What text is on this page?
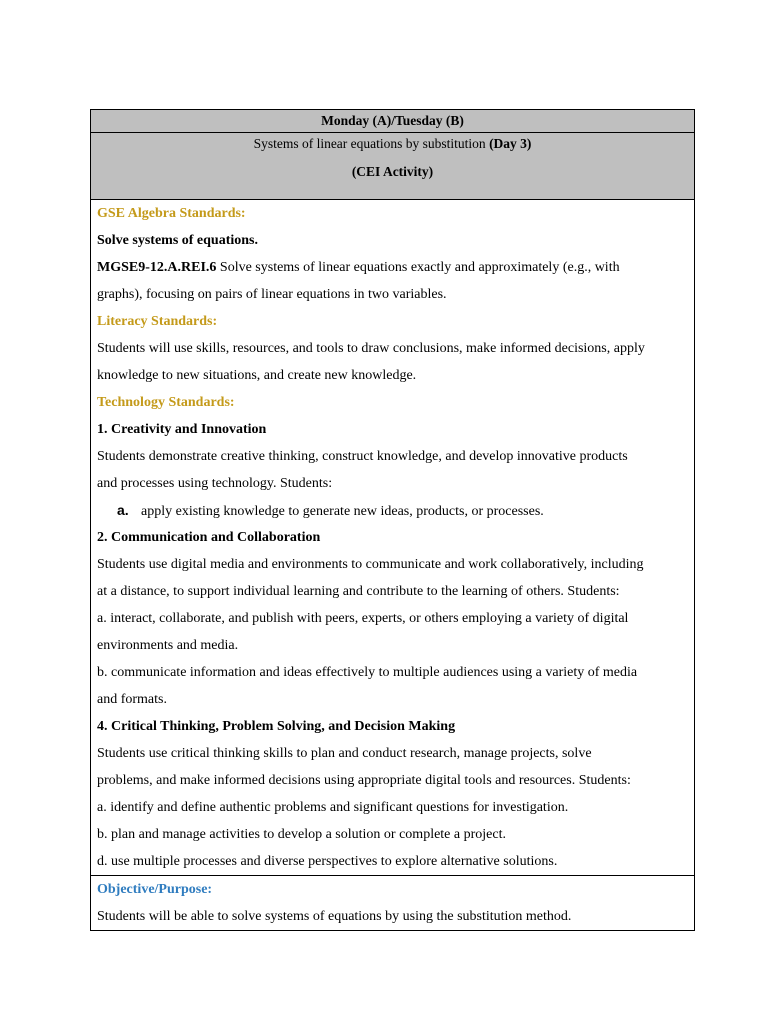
Monday (A)/Tuesday (B)
Systems of linear equations by substitution (Day 3)
(CEI Activity)
GSE Algebra Standards:
Solve systems of equations.
MGSE9-12.A.REI.6 Solve systems of linear equations exactly and approximately (e.g., with
graphs), focusing on pairs of linear equations in two variables.
Literacy Standards:
Students will use skills, resources, and tools to draw conclusions, make informed decisions, apply
knowledge to new situations, and create new knowledge.
Technology Standards:
1. Creativity and Innovation
Students demonstrate creative thinking, construct knowledge, and develop innovative products
and processes using technology. Students:
a. apply existing knowledge to generate new ideas, products, or processes.
2. Communication and Collaboration
Students use digital media and environments to communicate and work collaboratively, including
at a distance, to support individual learning and contribute to the learning of others. Students:
a. interact, collaborate, and publish with peers, experts, or others employing a variety of digital
environments and media.
b. communicate information and ideas effectively to multiple audiences using a variety of media
and formats.
4. Critical Thinking, Problem Solving, and Decision Making
Students use critical thinking skills to plan and conduct research, manage projects, solve
problems, and make informed decisions using appropriate digital tools and resources. Students:
a. identify and define authentic problems and significant questions for investigation.
b. plan and manage activities to develop a solution or complete a project.
d. use multiple processes and diverse perspectives to explore alternative solutions.
Objective/Purpose:
Students will be able to solve systems of equations by using the substitution method.
